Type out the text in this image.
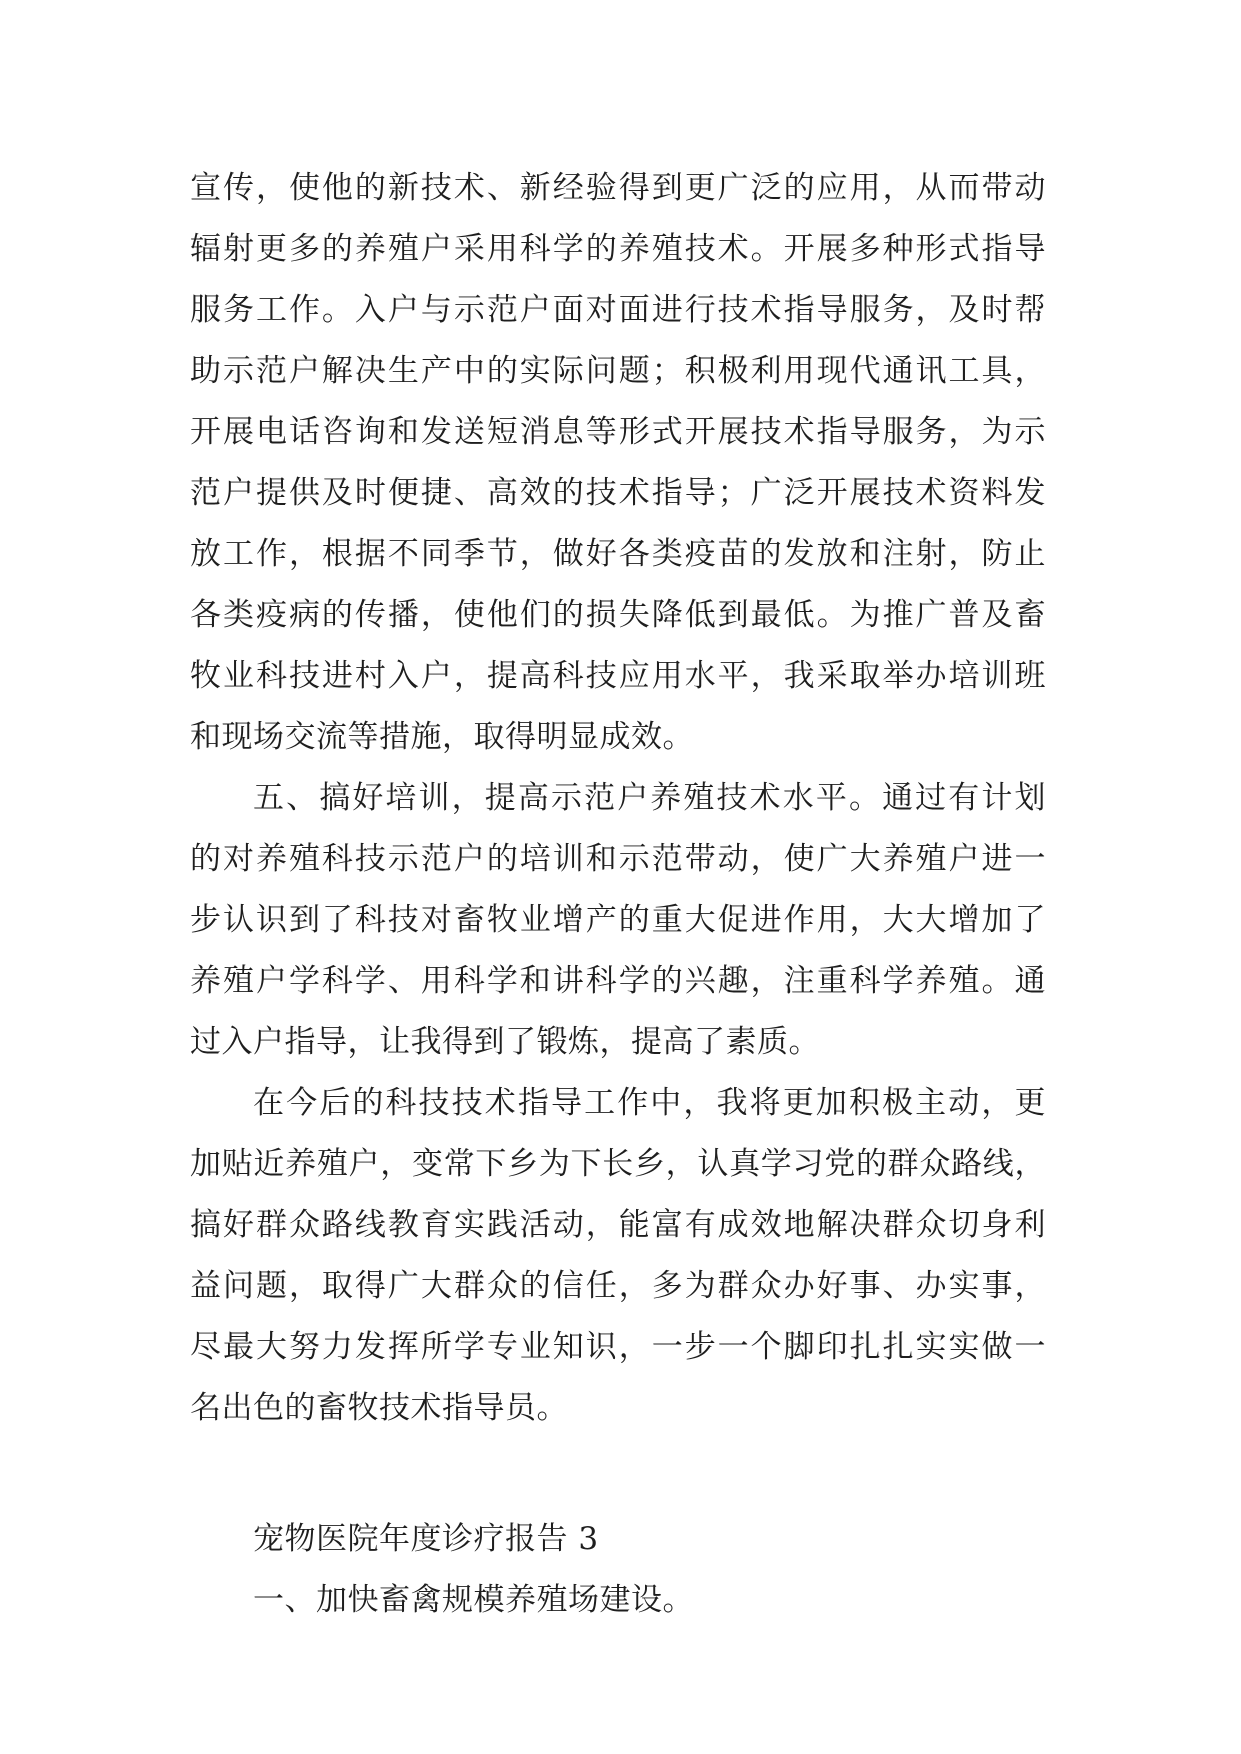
宣传，使他的新技术、新经验得到更广泛的应用，从而带动
辐射更多的养殖户采用科学的养殖技术。开展多种形式指导
服务工作。入户与示范户面对面进行技术指导服务，及时帮
助示范户解决生产中的实际问题；积极利用现代通讯工具，
开展电话咨询和发送短消息等形式开展技术指导服务，为示
范户提供及时便捷、高效的技术指导；广泛开展技术资料发
放工作，根据不同季节，做好各类疫苗的发放和注射，防止
各类疫病的传播，使他们的损失降低到最低。为推广普及畜
牧业科技进村入户，提高科技应用水平，我采取举办培训班
和现场交流等措施，取得明显成效。
五、搞好培训，提高示范户养殖技术水平。通过有计划
的对养殖科技示范户的培训和示范带动，使广大养殖户进一
步认识到了科技对畜牧业增产的重大促进作用，大大增加了
养殖户学科学、用科学和讲科学的兴趣，注重科学养殖。通
过入户指导，让我得到了锻炼，提高了素质。
在今后的科技技术指导工作中，我将更加积极主动，更
加贴近养殖户，变常下乡为下长乡，认真学习党的群众路线，
搞好群众路线教育实践活动，能富有成效地解决群众切身利
益问题，取得广大群众的信任，多为群众办好事、办实事，
尽最大努力发挥所学专业知识，一步一个脚印扎扎实实做一
名出色的畜牧技术指导员。
宠物医院年度诊疗报告 3
一、加快畜禽规模养殖场建设。
